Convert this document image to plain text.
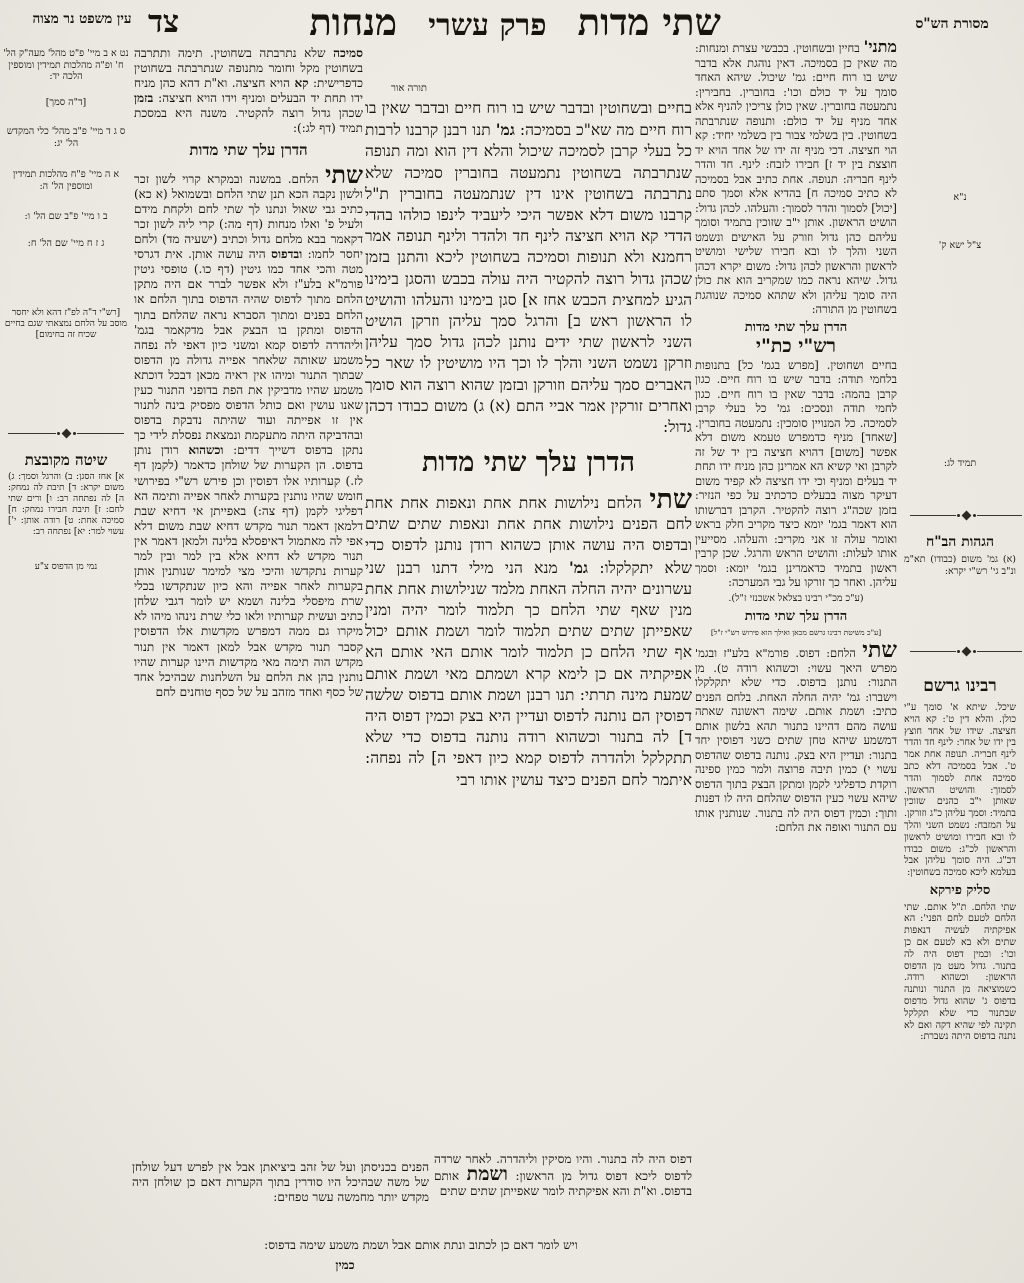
עין משפט נר מצוה צד	שתי מדות פרק עשרי מנחות	מסורת הש"ס
נט א ב מיי' פ"ט מהל' מעה"ק הל' ח' ופ"ה מהלכות תמידין ומוספין הלכה יד:
[ד"ה סמך]
ס ג ד מיי' פ"ב מהל' כלי המקדש הל' יג:
א ה מיי' פ"ח מהלכות תמידין ומוספין הל' ה:
ב ו מיי' פ"ב שם הל' ו:
ג ז ח מיי' שם הל' ח:
[רש"י ד"ה לפ"ז דהא ולא יחסר מוסב על הלחם נמצאתי שגם בחיים שכיח זה בחימום]
שיטה מקובצת
א] אחז הסגן: ב) והרגל וסמך: ג) משום יקרא: ד] תיבת לה נמחק: ה] לה נפתחה רב: ו] ורים שתי לחם: ז] תיבת חבירו נמחק: ח] סמיכה אחת: ט] רודה אותן: י'] עשוי למר: יא] נפתחה רב:
נמי מן הדפוס צ"ע
סמיכה שלא נתרבתה בשחוטין. תימה ותתרבה בשחוטין מקל וחומר מתנופה שנתרבתה בשחוטין כדפרישית: קא הויא חציצה. וא"ת דהא כהן מניח ידו תחת יד הבעלים ומניף וידו הויא חציצה: בזמן שכהן גדול רוצה להקטיר. משנה היא במסכת תמיד (דף לג:):
הדרן עלך שתי מדות
שתי הלחם. במשנה ובמקרא קרוי לשון זכר ולשון נקבה הכא תנן שתי הלחם ובשמואל (א כא) כתיב גבי שאול ונתנו לך שתי לחם ולקחת מידם ולעיל פ' ואלו מנחות (דף מה:) קרי ליה לשון זכר דקאמר בבא מלחם גדול וכתיב (ישעיה מד) ולחם יחסר לחמו: ובדפוס היה עושה אותן. אית דגרסי מטה והכי אחד כמו גיטין (דף כו.) טופסי גיטין פורמ"א בלע"ז ולא אפשר לברר אם היה מתקן הלחם מתוך לדפוס שהיה הדפוס בתוך הלחם או הלחם בפנים ומתוך הסברא נראה שהלחם בתוך הדפוס ומתקן בו הבצק אבל מדקאמר בגמ' וליהדרה לדפוס קמא ומשני כיון דאפי לה נפחה משמע שאותה שלאחר אפייה גדולה מן הדפוס שבתוך התנור ומיהו אין ראיה מכאן דבכל דוכתא משמע שהיו מדביקין את הפת בדופני התנור כעין שאנו עושין ואם כותל הדפוס מפסיק בינה לתנור אין זו אפייתה ועוד שהיתה נדבקת בדפוס ובהדביקה היתה מתעקמת ונמצאת נפסלת לידי כך נתקן בדפוס דשייך דדים: וכשהוא רודן נותן בדפוס. הן הקערות של שולחן כדאמר (לקמן דף לז.) קערותיו אלו דפוסין וכן פירש רש"י בפירושי חומש שהיו נותנין בקערות לאחר אפייה ותימה הא דפליגי לקמן (דף צה:) באפייתן אי דחיא שבת דלמאן דאמר תנור מקדש דחיא שבת משום דלא אפי לה מאתמול דאיפסלא בלינה ולמאן דאמר אין תנור מקדש לא דחיא אלא בין למר ובין למר קערות נתקדשו והיכי מצי למימר שנותנין אותן בקערות לאחר אפייה והא כיון שנתקדשו בכלי שרת מיפסלי בלינה ושמא יש לומר דגבי שלחן כתיב ועשית קערותיו ולאו כלי שרת נינהו מיהו לא מיקרו גם ממה דמפרש מקדשות אלו הדפוסין קסבר תנור מקדש אבל למאן דאמר אין תנור מקדש הוה תימה מאי מקדשות היינו קערות שהיו נותנין בהן את הלחם על השלחנות שבהיכל אחד של כסף ואחד מזהב על של כסף טוחנים לחם
תורה אור
בחיים ובשחוטין ובדבר שיש בו רוח חיים ובדבר שאין בו רוח חיים מה שא"כ בסמיכה: גמ' תנו רבנן קרבנו לרבות כל בעלי קרבן לסמיכה שיכול והלא דין הוא ומה תנופה שנתרבתה בשחוטין נתמעטה בחוברין סמיכה שלא נתרבתה בשחוטין אינו דין שנתמעטה בחוברין ת"ל קרבנו משום דלא אפשר היכי ליעביד לינפו כולהו בהדי הדדי קא הויא חציצה לינף חד ולהדר ולינף תנופה אמר רחמנא ולא תנופות וסמיכה בשחוטין ליכא והתנן בזמן שכהן גדול רוצה להקטיר היה עולה בכבש והסגן בימינו הגיע למחצית הכבש אחז א] סגן בימינו והעלהו והושיט לו הראשון ראש ב] והרגל סמך עליהן וזרקן הושיט השני לראשון שתי ידים נותנן לכהן גדול סמך עליהן וזרקן נשמט השני והלך לו וכך היו מושיטין לו שאר כל האברים סמך עליהם וזורקן ובזמן שהוא רוצה הוא סומך ואחרים זורקין אמר אביי התם (א) ג) משום כבודו דכהן גדול:
הדרן עלך שתי מדות
שתי הלחם נילושות אחת אחת ונאפות אחת אחת לחם הפנים נילושות אחת אחת ונאפות שתים שתים ובדפוס היה עושה אותן כשהוא רודן נותנן לדפוס כדי שלא יתקלקלו: גמ' מנא הני מילי דתנו רבנן שני עשרונים יהיה החלה האחת מלמד שנילושות אחת אחת מנין שאף שתי הלחם כך תלמוד לומר יהיה ומנין שאפייתן שתים שתים תלמוד לומר ושמת אותם יכול אף שתי הלחם כן תלמוד לומר אותם האי אותם הא אפיקתיה אם כן לימא קרא ושמתם מאי ושמת אותם שמעת מינה תרתי: תנו רבנן ושמת אותם בדפוס שלשה דפוסין הם נותנה לדפוס ועדיין היא בצק וכמין דפוס היה ד] לה בתנור וכשהוא רודה נותנה בדפוס כדי שלא תתקלקל ולהדרה לדפוס קמא כיון דאפי ה] לה נפחה: איתמר לחם הפנים כיצד עושין אותו רבי
מתני' בחיין ובשחוטין. בכבשי עצרת ומנחות: מה שאין כן בסמיכה. דאין נוהגת אלא בדבר שיש בו רוח חיים: גמ' שיכול. שיהא האחד סומך על יד כולם וכו': בחוברין. בחבירין: נתמעטה בחוברין. שאין כולן צריכין להניף אלא אחד מניף על יד כולם: ותנופה שנתרבתה בשחוטין. בין בשלמי צבור בין בשלמי יחיד: קא הוי חציצה. דכי מניף זה ידו של אחד הויא יד חוצצת בין יד ז] חבירו לזבח: לינף. חד והדר לינף חבריה: תנופה. אחת כתיב אבל בסמיכה לא כתיב סמיכה ח] בהדיא אלא וסמך סתם [יכול] לסמוך והדר לסמוך: והעלהו. לכהן גדול: הושיט הראשון. אותן י"ב שזוכין בתמיד וסומך עליהם כהן גדול וזורק על האישים ונשמט השני והלך לו ובא חבירו שלישי ומושיט לראשון והראשון לכהן גדול: משום יקרא דכהן גדול. שיהא נראה כמו שמקריב הוא את כולן היה סומך עליהן ולא שתהא סמיכה שנוהגת בשחוטין מן התורה:
הדרן עלך שתי מדות
רש"י כת"י
בחיים ושחוטין. [מפרש בגמ' כל] בתנופות בלחמי תודה: בדבר שיש בו רוח חיים. כגון קרבן בהמה: בדבר שאין בו רוח חיים. כגון לחמי תודה ונסכים: גמ' כל בעלי קרבן לסמיכה. כל המנויין סומכין: נתמעטה בחוברין. [שאחד] מניף כדמפרש טעמא משום דלא אפשר [משום] דהויא חציצה בין יד של זה לקרבן ואי קשיא הא אמרינן כהן מניח ידו תחת יד בעלים ומניף וכי ידו חציצה לא קפיד משום דעיקר מצוה בבעלים כדכתיב על כפי הנזיר: בזמן שכה"ג רוצה להקטיר. הקרבן דברשותו הוא דאמר בגמ' יומא כיצד מקריב חלק בראש ואומר עולה זו אני מקריב: והעלהו. מסייעין אותו לעלות: והושיט הראש והרגל. שכן קרבין ראשון בתמיד כדאמרינן בגמ' יומא: וסמך עליהן. ואחר כך זורקו על גבי המערכה:
(ע"כ מכ"י רבינו בצלאל אשכנזי ז"ל).
הדרן עלך שתי מדות
[ע"כ משיטת רבינו גרשם מכאן ואילך הוא פירוש רש"י ז"ל]
שתי הלחם: דפוס. פורמ"א בלע"ז ובגמ' מפרש היאך עשוי: וכשהוא רודה ט). מן התנור: נותנן בדפוס. כדי שלא יתקלקלו וישברו: גמ' יהיה החלה האחת. בלחם הפנים כתיב: ושמת אותם. שימה ראשונה שאתה עושה מהם דהיינו בתנור תהא בלשון אותם דמשמע שיהא טחן שתים כשני דפוסין יחד בתנור: ועדיין היא בצק. נותנה בדפוס שהדפוס עשוי י) כמין תיבה פרוצה ולמר כמין ספינה רוקדת כדפליגי לקמן ומתקן הבצק בתוך הדפוס שיהא עשוי כעין הדפוס שהלחם היה לו דפנות ותוך: וכמין דפוס היה לה בתנור. שנותנין אותו עם התנור ואופה את הלחם:
נ"א
צ"ל ישא ק'
תמיד לג:
הגהות הב"ח
(א) גמ' משום (כבודו) תא"מ ונ"ב גי' רש"י יקרא:
רבינו גרשם
שיכל. שיתא א' סומך ע"י כולן. והלא דין ט': קא הויא חציצה. שידו של אחד חוצץ בין ידו של אחר: לינף חד והדר לינף חבריה. תנופה אחת אמר ט'. אבל בסמיכה דלא כתב סמיכה אחת לסמוך והדר לסמוך: והושיט הראשון. שאותן י"ב כהנים שזוכין בתמיד: וסמך עליהן כ"ג וזורקן. על המזבח: נשמט השני והלך לו ובא חבירו ומושיט לראשון והראשון לכ"ג: משום כבודו דכ"ג. היה סומך עליהן אבל בעלמא ליכא סמיכה בשחוטין:
סליק פירקא
שתי הלחם. ת"ל אותם. שתי הלחם לטעם לחם הפני': הא אפיקתיה לעשיה דנאפות שתים ולא בא לטעם אם כן וכו': וכמין דפוס היה לה בתנור. גדול מעט מן הדפוס הראשון: וכשהוא רודה. כשמוציאה מן התנור ונותנה בדפוס ג' שהוא גדול מדפוס שבתנור כדי שלא תקלקל תקינה לפי שהיא דקה ואם לא נתנה בדפוס היתה נשברת:
הפנים בכניסתן ועל של זהב ביציאתן אבל אין לפרש דעל שולחן של משה שבהיכל היו סודרין בתוך הקערות דאם כן שולחן היה מקדש יותר מחמשה עשר טפחים:
דפוס היה לה בתנור. והיו מסיקין וליהדרה. לאחר שרדה לדפוס ליכא דפוס גדול מן הראשון: ושמת אותם בדפוס. וא"ת והא אפיקתיה לומר שאפייתן שתים שתים
ויש לומר דאם כן לכתוב ונתת אותם אבל ושמת משמע שימה בדפוס:
כמין
